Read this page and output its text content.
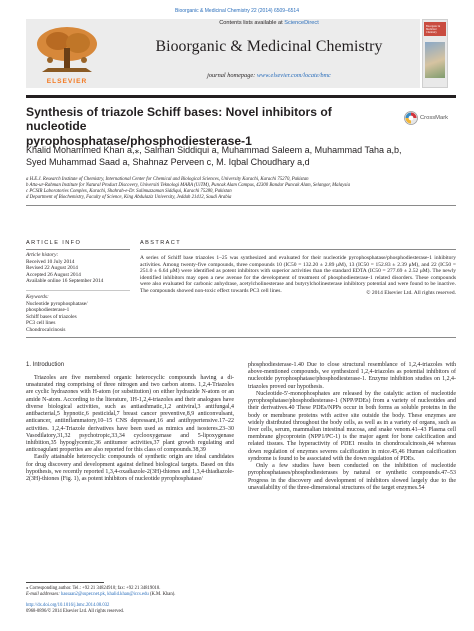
Bioorganic & Medicinal Chemistry 22 (2014) 6509–6514
Contents lists available at ScienceDirect
ELSEVIER
Bioorganic & Medicinal Chemistry
journal homepage: www.elsevier.com/locate/bmc
Bioorganic & Medicinal Chemistry
Synthesis of triazole Schiff bases: Novel inhibitors of nucleotide
pyrophosphatase/phosphodiesterase-1
CrossMark
Khalid Mohammed Khan a,⁎, Salman Siddiqui a, Muhammad Saleem a, Muhammad Taha a,b,
Syed Muhammad Saad a, Shahnaz Perveen c, M. Iqbal Choudhary a,d
a H.E.J. Research Institute of Chemistry, International Center for Chemical and Biological Sciences, University Karachi, Karachi 75270, Pakistan
b Atta-ur-Rahman Institute for Natural Product Discovery, Universiti Teknologi MARA (UiTM), Puncak Alam Campus, 42300 Bandar Puncak Alam, Selangor, Malaysia
c PCSIR Laboratories Complex, Karachi, Shahrah-e-Dr. Salimuzzaman Siddiqui, Karachi 75280, Pakistan
d Department of Biochemistry, Faculty of Science, King Abdulaziz University, Jeddah 21412, Saudi Arabia
ARTICLE INFO
Article history:
Received 10 July 2014
Revised 22 August 2014
Accepted 26 August 2014
Available online 16 September 2014
Keywords:
Nucleotide pyrophosphatase/
phosphodiesterase-1
Schiff bases of triazoles
PC3 cell lines
Chondrocalcinosis
ABSTRACT
A series of Schiff base triazoles 1–25 was synthesized and evaluated for their nucleotide pyrophosphatase/phosphodiesterase-1 inhibitory activities. Among twenty-five compounds, three compounds 10 (IC50 = 132.20 ± 2.89 μM), 13 (IC50 = 152.83 ± 2.39 μM), and 22 (IC50 = 251.0 ± 6.64 μM) were identified as potent inhibitors with superior activities than the standard EDTA (IC50 = 277.69 ± 2.52 μM). The newly identified inhibitors may open a new avenue for the development of treatment of phosphodiesterase-1 related disorders. These compounds were also evaluated for carbonic anhydrase, acetylcholinesterase and butyrylcholinesterase inhibitory potential and were found to be inactive. The compounds showed non-toxic effect towards PC3 cell lines.	© 2014 Elsevier Ltd. All rights reserved.
1. Introduction

Triazoles are five membered organic heterocyclic compounds having a di-unsaturated ring comprising of three nitrogen and two carbon atoms. 1,2,4-Triazoles are cyclic hydrazones with H-atom (or substitution) on either hydrazide N-atom or an amide N-atom. According to the literature, 1H-1,2,4-triazoles and their analogues have diverse biological activities, such as antiasthmatic,1,2 antiviral,3 antifungal,4 antibacterial,5 hypnotic,6 pesticidal,7 breast cancer preventive,8,9 anticonvulsant, anticancer, antiinflammatory,10–15 CNS depressant,16 and antihypertensive.17–22 activities. 1,2,4-Triazole derivatives have been used as mimics and isosteres.23–30 Vasodilatory,31,32 psychotropic,33,34 cyclooxygenase and 5-lipoxygenase inhibition,35 hypoglycemic,36 antitumor activities,37 plant growth regulating and anticoagulant properties are also reported for this class of compounds.38,39

Easily attainable heterocyclic compounds of synthetic origin are ideal candidates for drug discovery and development against defined biological targets. Based on this hypothesis, we recently reported 1,3,4-oxadiazole-2(3H)-thiones and 1,3,4-thiadiazole-2(3H)-thiones (Fig. 1), as potent inhibitors of nucleotide pyrophosphatase/

phosphodiesterase-1.40 Due to close structural resemblance of 1,2,4-triazoles with above-mentioned compounds, we synthesized 1,2,4-triazoles as potential inhibitors of nucleotide pyrophosphatase/phosphodiesterase-1. Enzyme inhibition studies on 1,2,4-triazoles proved our hypothesis.

Nucleotide-5′-monophosphates are released by the catalytic action of nucleotide pyrophosphatase/phosphodiesterase-1 (NPP/PDEs) from a variety of nucleotides and their derivatives.40 These PDEs/NPPs occur in both forms as soluble proteins in the body or membrane proteins with active site outside the body. These enzymes are widely distributed throughout the body cells, as well as in a variety of organs, such as liver cells, serum, mammalian intestinal mucosa, and snake venom.41–43 Plasma cell membrane glycoprotein (NPP1/PC-1) is the major agent for bone calcification and related tissues. The hyperactivity of PDE1 results in chondrocalcinosis,44 whereas down regulation of enzymes severes calcification in mice.45,46 Human calcification syndrome is found to be associated with the down regulation of PDEs.

Only a few studies have been conducted on the inhibition of nucleotide pyrophosphatases/phosphodiesterases by natural or synthetic compounds.47–53 Progress in the discovery and development of inhibitors slowed largely due to the unavailability of the three-dimensional structures of the target enzymes.54

⁎ Corresponding author. Tel.: +92 21 34824910; fax: +92 21 34819018.
E-mail addresses: hassaan2@super.net.pk, khalid.khan@iccs.edu (K.M. Khan).
http://dx.doi.org/10.1016/j.bmc.2014.08.032
0968-0896/© 2014 Elsevier Ltd. All rights reserved.
